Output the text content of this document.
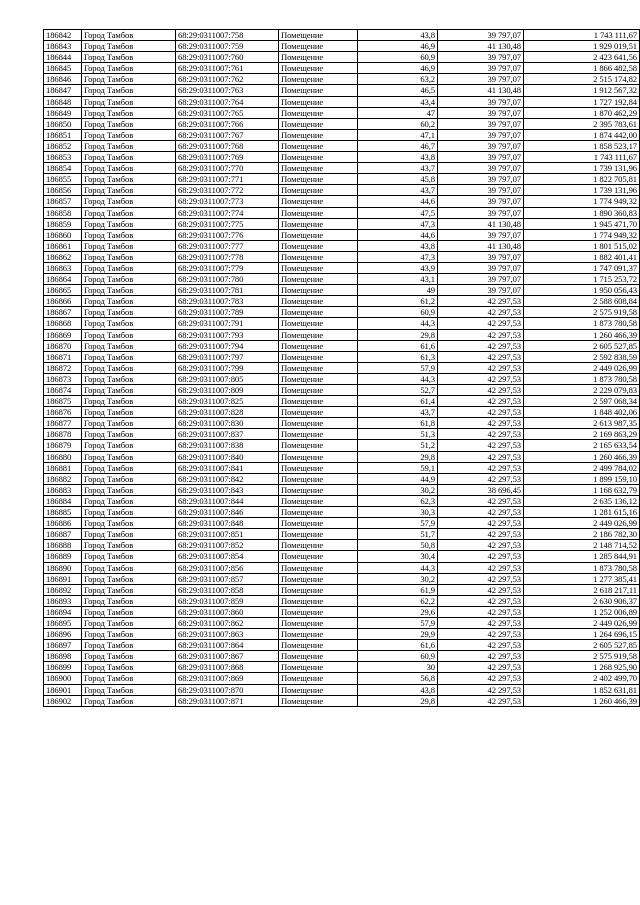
186842	Город Тамбов	68:29:0311007:758	Помещение	43,8	39 797,07	1 743 111,67
186843	Город Тамбов	68:29:0311007:759	Помещение	46,9	41 130,48	1 929 019,51
186844	Город Тамбов	68:29:0311007:760	Помещение	60,9	39 797,07	2 423 641,56
186845	Город Тамбов	68:29:0311007:761	Помещение	46,9	39 797,07	1 866 482,58
186846	Город Тамбов	68:29:0311007:762	Помещение	63,2	39 797,07	2 515 174,82
186847	Город Тамбов	68:29:0311007:763	Помещение	46,5	41 130,48	1 912 567,32
186848	Город Тамбов	68:29:0311007:764	Помещение	43,4	39 797,07	1 727 192,84
186849	Город Тамбов	68:29:0311007:765	Помещение	47	39 797,07	1 870 462,29
186850	Город Тамбов	68:29:0311007:766	Помещение	60,2	39 797,07	2 395 783,61
186851	Город Тамбов	68:29:0311007:767	Помещение	47,1	39 797,07	1 874 442,00
186852	Город Тамбов	68:29:0311007:768	Помещение	46,7	39 797,07	1 858 523,17
186853	Город Тамбов	68:29:0311007:769	Помещение	43,8	39 797,07	1 743 111,67
186854	Город Тамбов	68:29:0311007:770	Помещение	43,7	39 797,07	1 739 131,96
186855	Город Тамбов	68:29:0311007:771	Помещение	45,8	39 797,07	1 822 705,81
186856	Город Тамбов	68:29:0311007:772	Помещение	43,7	39 797,07	1 739 131,96
186857	Город Тамбов	68:29:0311007:773	Помещение	44,6	39 797,07	1 774 949,32
186858	Город Тамбов	68:29:0311007:774	Помещение	47,5	39 797,07	1 890 360,83
186859	Город Тамбов	68:29:0311007:775	Помещение	47,3	41 130,48	1 945 471,70
186860	Город Тамбов	68:29:0311007:776	Помещение	44,6	39 797,07	1 774 949,32
186861	Город Тамбов	68:29:0311007:777	Помещение	43,8	41 130,48	1 801 515,02
186862	Город Тамбов	68:29:0311007:778	Помещение	47,3	39 797,07	1 882 401,41
186863	Город Тамбов	68:29:0311007:779	Помещение	43,9	39 797,07	1 747 091,37
186864	Город Тамбов	68:29:0311007:780	Помещение	43,1	39 797,07	1 715 253,72
186865	Город Тамбов	68:29:0311007:781	Помещение	49	39 797,07	1 950 056,43
186866	Город Тамбов	68:29:0311007:783	Помещение	61,2	42 297,53	2 588 608,84
186867	Город Тамбов	68:29:0311007:789	Помещение	60,9	42 297,53	2 575 919,58
186868	Город Тамбов	68:29:0311007:791	Помещение	44,3	42 297,53	1 873 780,58
186869	Город Тамбов	68:29:0311007:793	Помещение	29,8	42 297,53	1 260 466,39
186870	Город Тамбов	68:29:0311007:794	Помещение	61,6	42 297,53	2 605 527,85
186871	Город Тамбов	68:29:0311007:797	Помещение	61,3	42 297,53	2 592 838,59
186872	Город Тамбов	68:29:0311007:799	Помещение	57,9	42 297,53	2 449 026,99
186873	Город Тамбов	68:29:0311007:805	Помещение	44,3	42 297,53	1 873 780,58
186874	Город Тамбов	68:29:0311007:809	Помещение	52,7	42 297,53	2 229 079,83
186875	Город Тамбов	68:29:0311007:825	Помещение	61,4	42 297,53	2 597 068,34
186876	Город Тамбов	68:29:0311007:828	Помещение	43,7	42 297,53	1 848 402,06
186877	Город Тамбов	68:29:0311007:830	Помещение	61,8	42 297,53	2 613 987,35
186878	Город Тамбов	68:29:0311007:837	Помещение	51,3	42 297,53	2 169 863,29
186879	Город Тамбов	68:29:0311007:838	Помещение	51,2	42 297,53	2 165 633,54
186880	Город Тамбов	68:29:0311007:840	Помещение	29,8	42 297,53	1 260 466,39
186881	Город Тамбов	68:29:0311007:841	Помещение	59,1	42 297,53	2 499 784,02
186882	Город Тамбов	68:29:0311007:842	Помещение	44,9	42 297,53	1 899 159,10
186883	Город Тамбов	68:29:0311007:843	Помещение	30,2	38 696,45	1 168 632,79
186884	Город Тамбов	68:29:0311007:844	Помещение	62,3	42 297,53	2 635 136,12
186885	Город Тамбов	68:29:0311007:846	Помещение	30,3	42 297,53	1 281 615,16
186886	Город Тамбов	68:29:0311007:848	Помещение	57,9	42 297,53	2 449 026,99
186887	Город Тамбов	68:29:0311007:851	Помещение	51,7	42 297,53	2 186 782,30
186888	Город Тамбов	68:29:0311007:852	Помещение	50,8	42 297,53	2 148 714,52
186889	Город Тамбов	68:29:0311007:854	Помещение	30,4	42 297,53	1 285 844,91
186890	Город Тамбов	68:29:0311007:856	Помещение	44,3	42 297,53	1 873 780,58
186891	Город Тамбов	68:29:0311007:857	Помещение	30,2	42 297,53	1 277 385,41
186892	Город Тамбов	68:29:0311007:858	Помещение	61,9	42 297,53	2 618 217,11
186893	Город Тамбов	68:29:0311007:859	Помещение	62,2	42 297,53	2 630 906,37
186894	Город Тамбов	68:29:0311007:860	Помещение	29,6	42 297,53	1 252 006,89
186895	Город Тамбов	68:29:0311007:862	Помещение	57,9	42 297,53	2 449 026,99
186896	Город Тамбов	68:29:0311007:863	Помещение	29,9	42 297,53	1 264 696,15
186897	Город Тамбов	68:29:0311007:864	Помещение	61,6	42 297,53	2 605 527,85
186898	Город Тамбов	68:29:0311007:867	Помещение	60,9	42 297,53	2 575 919,58
186899	Город Тамбов	68:29:0311007:868	Помещение	30	42 297,53	1 268 925,90
186900	Город Тамбов	68:29:0311007:869	Помещение	56,8	42 297,53	2 402 499,70
186901	Город Тамбов	68:29:0311007:870	Помещение	43,8	42 297,53	1 852 631,81
186902	Город Тамбов	68:29:0311007:871	Помещение	29,8	42 297,53	1 260 466,39
